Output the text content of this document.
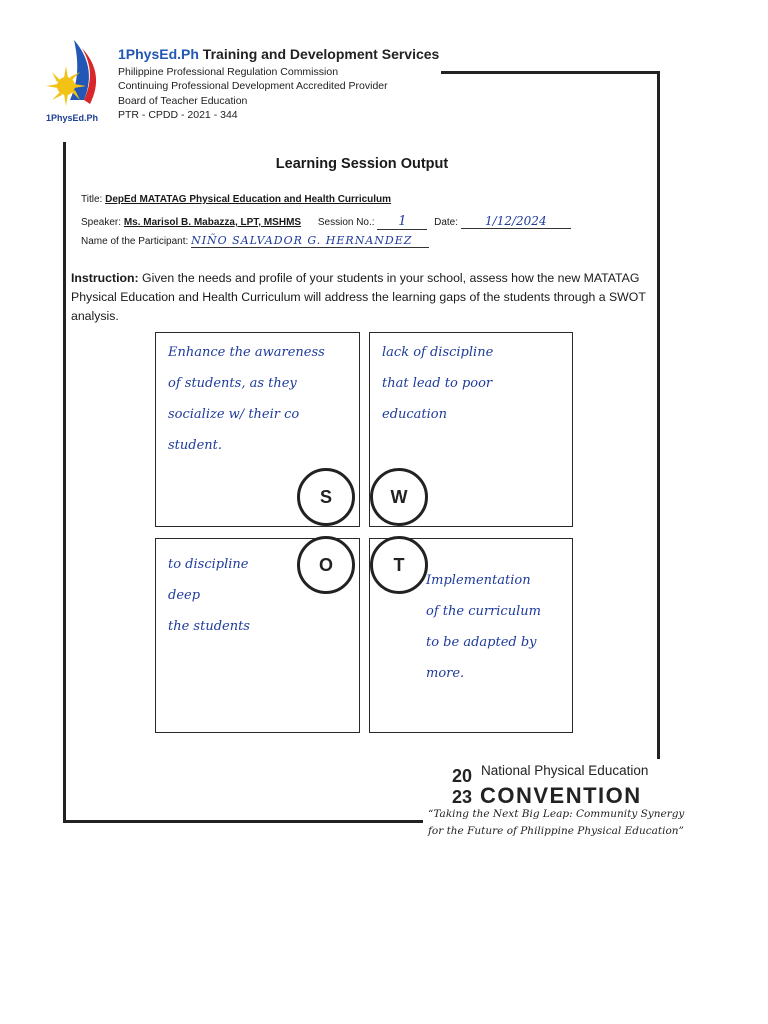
1PhysEd.Ph
1PhysEd.Ph Training and Development Services
Philippine Professional Regulation Commission
Continuing Professional Development Accredited Provider
Board of Teacher Education
PTR - CPDD - 2021 - 344
Learning Session Output
Title: DepEd MATATAG Physical Education and Health Curriculum
Speaker: Ms. Marisol B. Mabazza, LPT, MSHMS Session No.: 1	Date: 1/12/2024
Name of the Participant: NIÑO SALVADOR G. HERNANDEZ
Instruction: Given the needs and profile of your students in your school, assess how the new MATATAG Physical Education and Health Curriculum will address the learning gaps of the students through a SWOT analysis.
Enhance the awareness
of students, as they
socialize w/ their co
student.
lack of discipline
that lead to poor
education
to discipline
deep
the students
Implementation
of the curriculum
to be adapted by
more.
S	W
O	T
20
23
National Physical Education
CONVENTION
“Taking the Next Big Leap: Community Synergy
for the Future of Philippine Physical Education”
